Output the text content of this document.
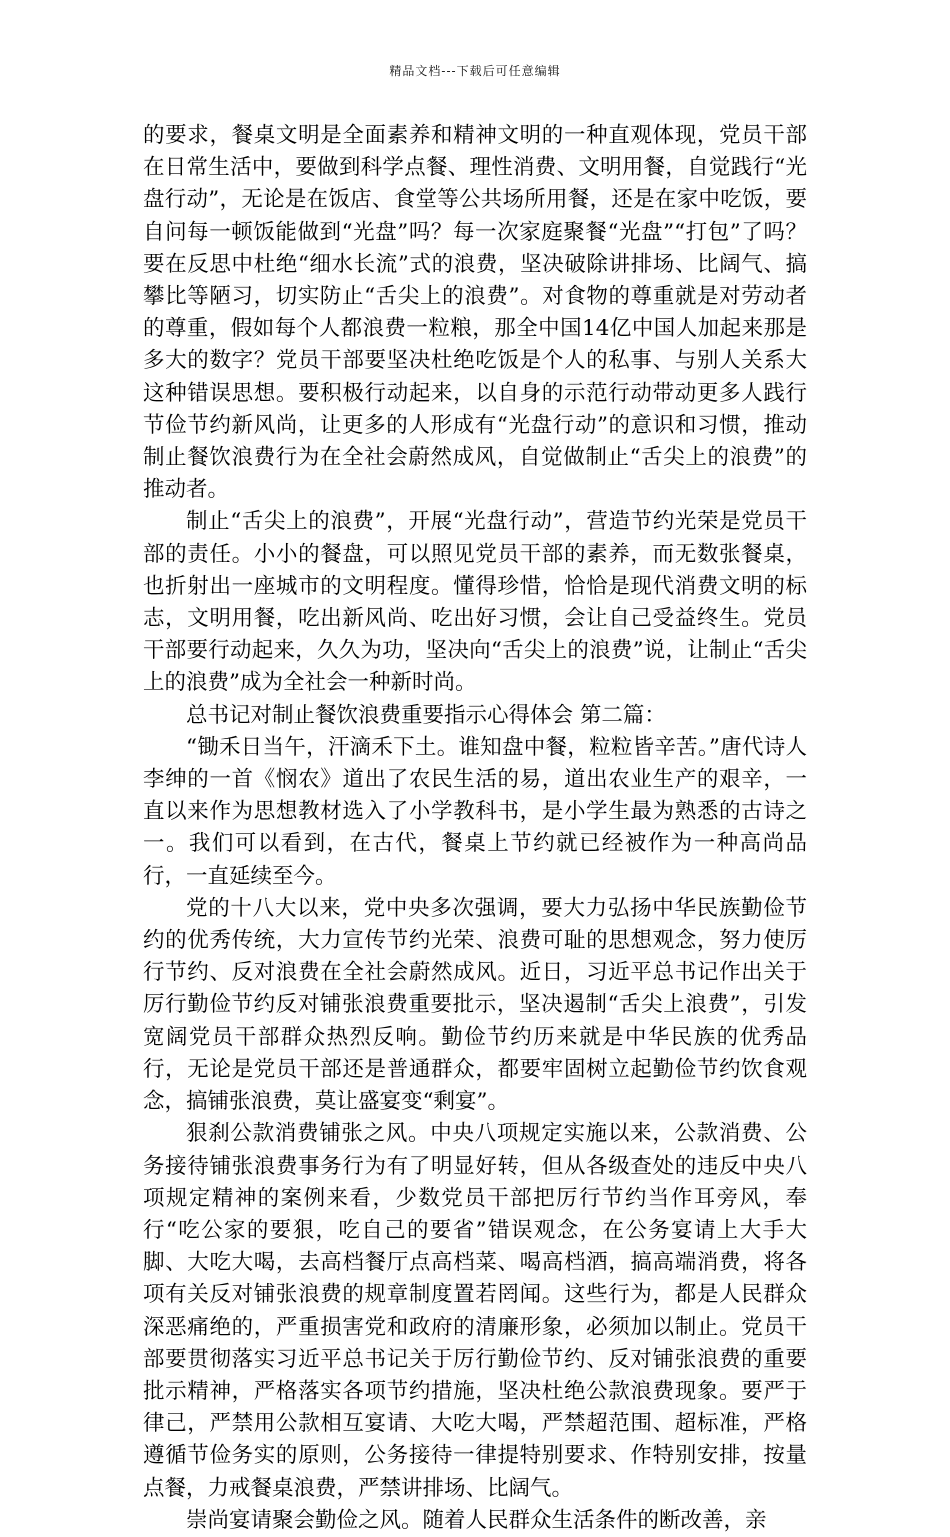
精品文档---下载后可任意编辑

的要求，餐桌文明是全面素养和精神文明的一种直观体现，党员干部在日常生活中，要做到科学点餐、理性消费、文明用餐，自觉践行“光盘行动”，无论是在饭店、食堂等公共场所用餐，还是在家中吃饭，要自问每一顿饭能做到“光盘”吗？每一次家庭聚餐“光盘”“打包”了吗？要在反思中杜绝“细水长流”式的浪费，坚决破除讲排场、比阔气、搞攀比等陋习，切实防止“舌尖上的浪费”。对食物的尊重就是对劳动者的尊重，假如每个人都浪费一粒粮，那全中国14亿中国人加起来那是多大的数字？党员干部要坚决杜绝吃饭是个人的私事、与别人关系大这种错误思想。要积极行动起来，以自身的示范行动带动更多人践行节俭节约新风尚，让更多的人形成有“光盘行动”的意识和习惯，推动制止餐饮浪费行为在全社会蔚然成风，自觉做制止“舌尖上的浪费”的推动者。

制止“舌尖上的浪费”，开展“光盘行动”，营造节约光荣是党员干部的责任。小小的餐盘，可以照见党员干部的素养，而无数张餐桌，也折射出一座城市的文明程度。懂得珍惜，恰恰是现代消费文明的标志，文明用餐，吃出新风尚、吃出好习惯，会让自己受益终生。党员干部要行动起来，久久为功，坚决向“舌尖上的浪费”说，让制止“舌尖上的浪费”成为全社会一种新时尚。

总书记对制止餐饮浪费重要指示心得体会 第二篇：

“锄禾日当午，汗滴禾下土。谁知盘中餐，粒粒皆辛苦。”唐代诗人李绅的一首《悯农》道出了农民生活的易，道出农业生产的艰辛，一直以来作为思想教材选入了小学教科书，是小学生最为熟悉的古诗之一。我们可以看到，在古代，餐桌上节约就已经被作为一种高尚品行，一直延续至今。

党的十八大以来，党中央多次强调，要大力弘扬中华民族勤俭节约的优秀传统，大力宣传节约光荣、浪费可耻的思想观念，努力使厉行节约、反对浪费在全社会蔚然成风。近日，习近平总书记作出关于厉行勤俭节约反对铺张浪费重要批示，坚决遏制“舌尖上浪费”，引发宽阔党员干部群众热烈反响。勤俭节约历来就是中华民族的优秀品行，无论是党员干部还是普通群众，都要牢固树立起勤俭节约饮食观念，搞铺张浪费，莫让盛宴变“剩宴”。

狠刹公款消费铺张之风。中央八项规定实施以来，公款消费、公务接待铺张浪费事务行为有了明显好转，但从各级查处的违反中央八项规定精神的案例来看，少数党员干部把厉行节约当作耳旁风，奉行“吃公家的要狠，吃自己的要省”错误观念，在公务宴请上大手大脚、大吃大喝，去高档餐厅点高档菜、喝高档酒，搞高端消费，将各项有关反对铺张浪费的规章制度置若罔闻。这些行为，都是人民群众深恶痛绝的，严重损害党和政府的清廉形象，必须加以制止。党员干部要贯彻落实习近平总书记关于厉行勤俭节约、反对铺张浪费的重要批示精神，严格落实各项节约措施，坚决杜绝公款浪费现象。要严于律己，严禁用公款相互宴请、大吃大喝，严禁超范围、超标准，严格遵循节俭务实的原则，公务接待一律提特别要求、作特别安排，按量点餐，力戒餐桌浪费，严禁讲排场、比阔气。

崇尚宴请聚会勤俭之风。随着人民群众生活条件的断改善，亲
